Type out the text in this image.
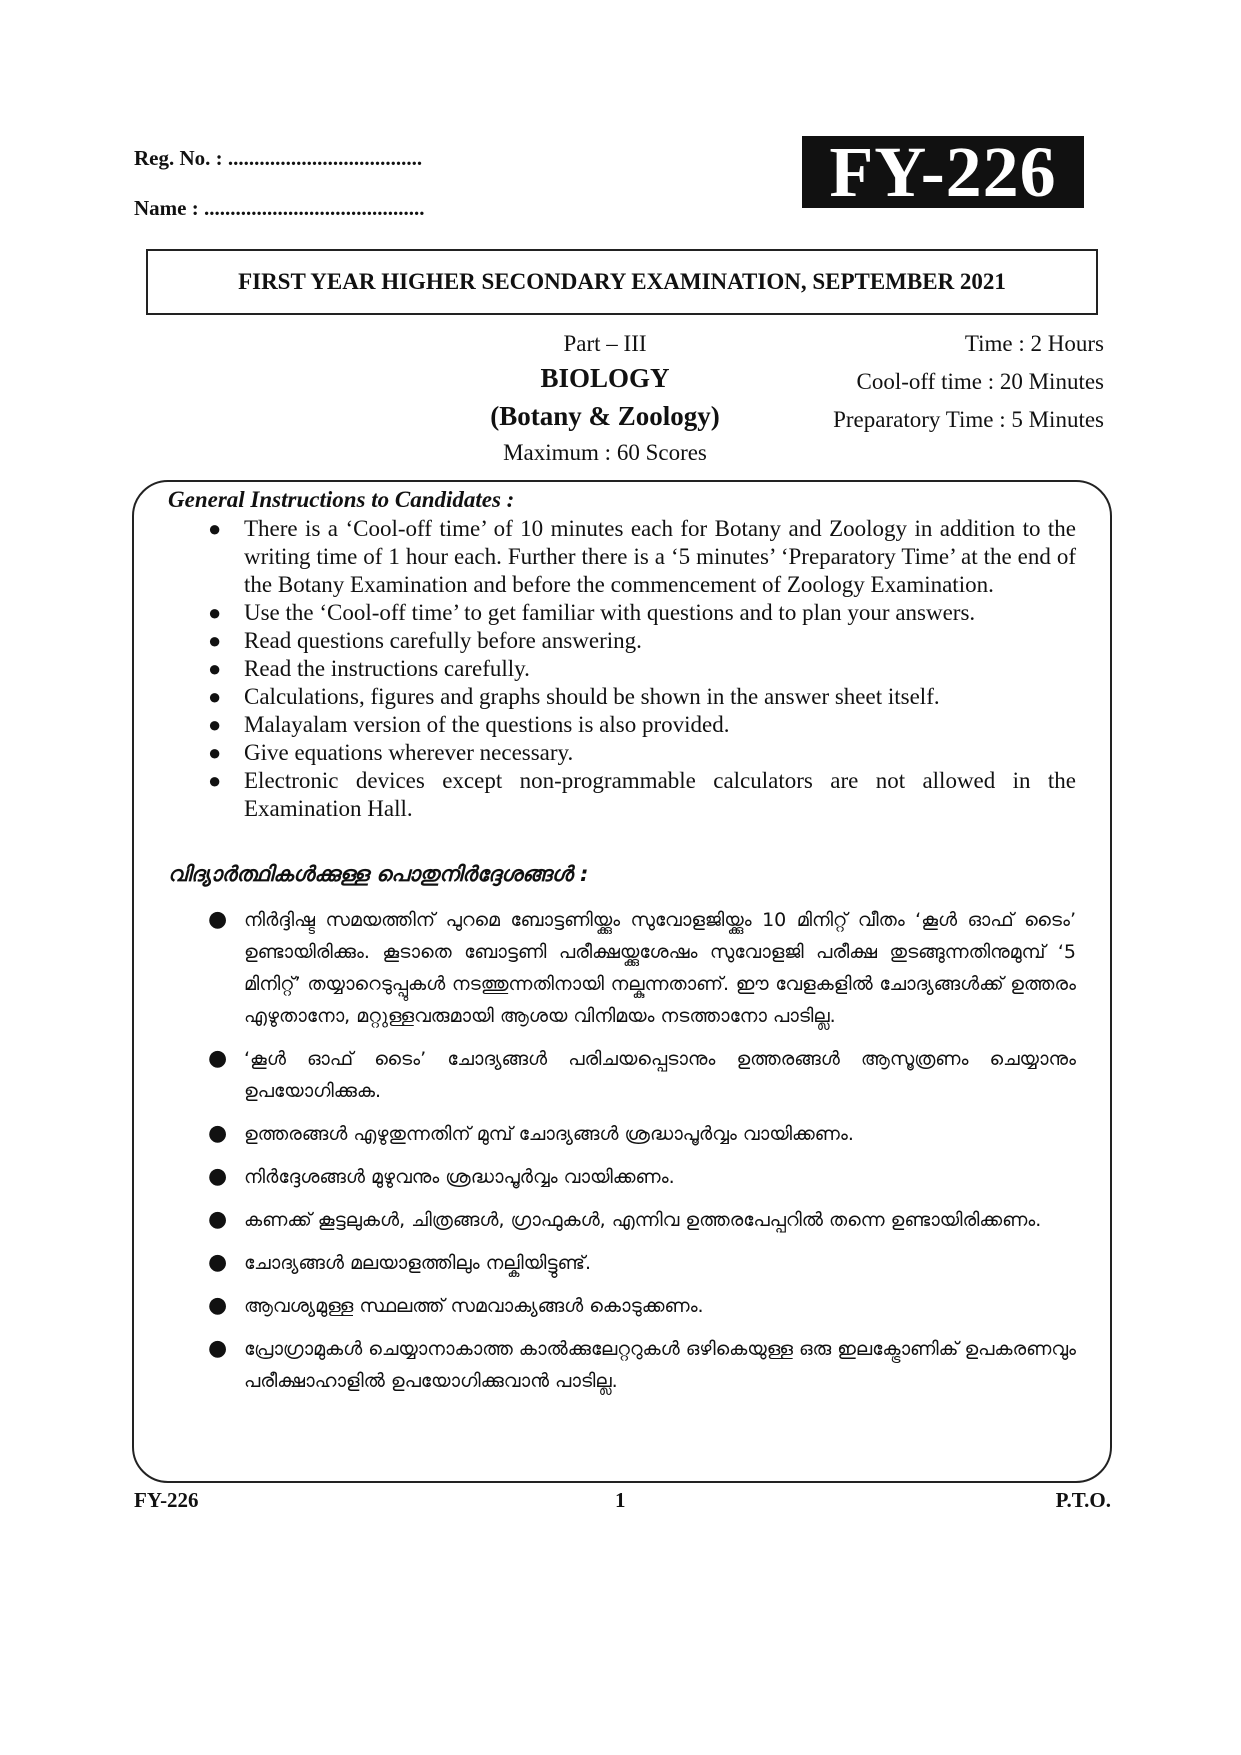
Reg. No. : .....................................
Name : ..........................................	FY-226
FIRST YEAR HIGHER SECONDARY EXAMINATION, SEPTEMBER 2021
Part – III
BIOLOGY
(Botany & Zoology)
Maximum : 60 Scores
Time : 2 Hours
Cool-off time : 20 Minutes
Preparatory Time : 5 Minutes
General Instructions to Candidates :
● There is a ‘Cool-off time’ of 10 minutes each for Botany and Zoology in addition to the writing time of 1 hour each. Further there is a ‘5 minutes’ ‘Preparatory Time’ at the end of the Botany Examination and before the commencement of Zoology Examination.
● Use the ‘Cool-off time’ to get familiar with questions and to plan your answers.
● Read questions carefully before answering.
● Read the instructions carefully.
● Calculations, figures and graphs should be shown in the answer sheet itself.
● Malayalam version of the questions is also provided.
● Give equations wherever necessary.
● Electronic devices except non-programmable calculators are not allowed in the Examination Hall.
വിദ്യാർത്ഥികൾക്കുള്ള പൊതുനിർദ്ദേശങ്ങൾ :
● നിർദ്ദിഷ്ട സമയത്തിന് പുറമെ ബോട്ടണിയ്ക്കും സുവോളജിയ്ക്കും 10 മിനിറ്റ് വീതം ‘കൂൾ ഓഫ് ടൈം’ ഉണ്ടായിരിക്കും. കൂടാതെ ബോട്ടണി പരീക്ഷയ്ക്കുശേഷം സുവോളജി പരീക്ഷ തുടങ്ങുന്നതിനുമുമ്പ് ‘5 മിനിറ്റ്’ തയ്യാറെടുപ്പുകൾ നടത്തുന്നതിനായി നല്കുന്നതാണ്. ഈ വേളകളിൽ ചോദ്യങ്ങൾക്ക് ഉത്തരം എഴുതാനോ, മറ്റുള്ളവരുമായി ആശയ വിനിമയം നടത്താനോ പാടില്ല.
● ‘കൂൾ ഓഫ് ടൈം’ ചോദ്യങ്ങൾ പരിചയപ്പെടാനും ഉത്തരങ്ങൾ ആസൂത്രണം ചെയ്യാനും ഉപയോഗിക്കുക.
● ഉത്തരങ്ങൾ എഴുതുന്നതിന് മുമ്പ് ചോദ്യങ്ങൾ ശ്രദ്ധാപൂർവ്വം വായിക്കണം.
● നിർദ്ദേശങ്ങൾ മുഴുവനും ശ്രദ്ധാപൂർവ്വം വായിക്കണം.
● കണക്ക് കൂട്ടലുകൾ, ചിത്രങ്ങൾ, ഗ്രാഫുകൾ, എന്നിവ ഉത്തരപേപ്പറിൽ തന്നെ ഉണ്ടായിരിക്കണം.
● ചോദ്യങ്ങൾ മലയാളത്തിലും നല്കിയിട്ടുണ്ട്.
● ആവശ്യമുള്ള സ്ഥലത്ത് സമവാക്യങ്ങൾ കൊടുക്കണം.
● പ്രോഗ്രാമുകൾ ചെയ്യാനാകാത്ത കാൽക്കുലേറ്ററുകൾ ഒഴികെയുള്ള ഒരു ഇലക്ട്രോണിക് ഉപകരണവും പരീക്ഷാഹാളിൽ ഉപയോഗിക്കുവാൻ പാടില്ല.
FY-226	1	P.T.O.
